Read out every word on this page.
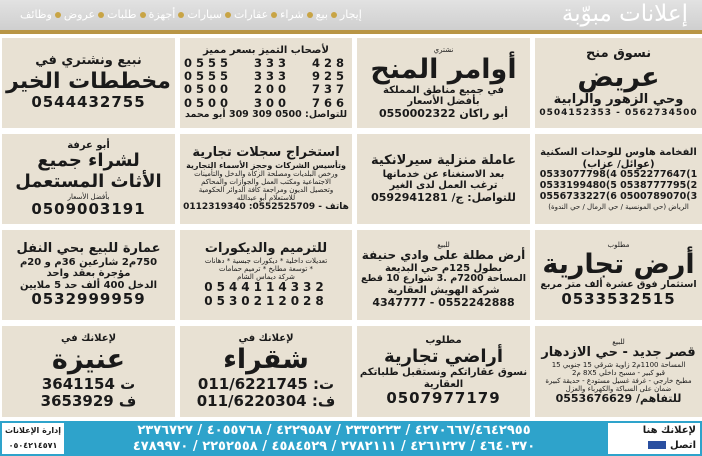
إعلانات مبوّبة
إيجاربيعشراءعقاراتسياراتأجهزةطلباتعروضوظائف
نسوق منح
عريض
وحي الزهور والرابية
0504152353 - 0562734500
نشتري
أوامر المنح
في جميع مناطق المملكة
بأفضل الأسعار
0550002322 أبو راكان
لأصحاب التميز بسعر مميز
0555 333 428
0555 333 925
0500 200 737
0500 300 766
للتواصل: 0500 309 309 أبو محمد
نبيع ونشتري في
مخططات الخير
0544432755
الفخامة هاوس للوحدات السكنية
(عوائل/ عزاب)
0533077798(4 0552277647(1
0533199480(5 0538777795(2
0556733227(6 0500789070(3
الرياض (حي المونسية / حي الرمال / حي الندوة)
عاملة منزلية سيرلانكية
بعد الاستغناء عن خدمانها
ترغب العمل لدى الغير
للتواصل: ج/ 0592941281
استخراج سجلات تجارية
وتأسيس الشركات وحجز الأسماء التجارية
ورخص البلديات ومصلحة الزكاة والدخل والتأمينات
الاجتماعية ومكتب العمل والجوازات والمحاكم
وتحصيل الديون ومراجعة كافة الدوائر الحكومية
للاستعلام أبو عبدالله
0112319340 :هاتف - 0552525709
أبو عرفة
لشراء جميع
الأثاث المستعمل
بأفضل الأسعار
0509003191
مطلوب
أرض تجارية
استثمار فوق عشرة ألف متر مربع
0533532515
للبيع
أرض مطلة على وادي حنيفة
بطول 125م حي البديعة
المساحة 7200م .3 شوارع 10 قطع
شركة الهويش العقارية
4347777 - 0552242888
للترميم والديكورات
تعديلات داخلية * ديكورات جبسية * دهانات
* توسعة مطابخ * ترميم حمامات
شركة ديماس الشام
0544114332
0530212028
عمارة للبيع بحي النفل
750م2 شارعين 36م و 20م
مؤجرة بعقد واحد
الدخل 400 ألف حد 5 ملايين
0532999959
للبيع
قصر جديد - حي الازدهار
المساحة 1100م2 زاوية شرقي 15 جنوبي 15
قبو كبير - مسبح داخلي 8X5 م2
مطبخ خارجي - غرفة غسيل مستودع - حديقة كبيرة
ضمان على السباكة والكهرباء والعزل
للتفاهم/ 0553676629
مطلوب
أراضي تجارية
نسوق عقاراتكم ونستقبل طلباتكم
العقارية
0507977179
لإعلانك في
شقراء
ت: 011/6221745
ف: 011/6220304
لإعلانك في
عنيزة
ت 3641154
ف 3653929
لإعلانك هنا
اتصل
٤٢٧٠٦٦٧/٤٦٤٢٩٥٥ / ٢٣٣٥٢٢٣ / ٤٢٢٩٥٨٧ / ٤٠٥٥٧٦٨ / ٢٣٧٦٧٢٧
٤٦٤٠٣٧٠ / ٤٢٦١٢٢٧ / ٢٧٨٢١١١ / ٤٥٨٤٥٢٩ / ٢٢٥٢٥٥٨ / ٤٧٨٩٩٧٠
إدارة الإعلانات
٠٥٠٤٢١٤٥٧١
